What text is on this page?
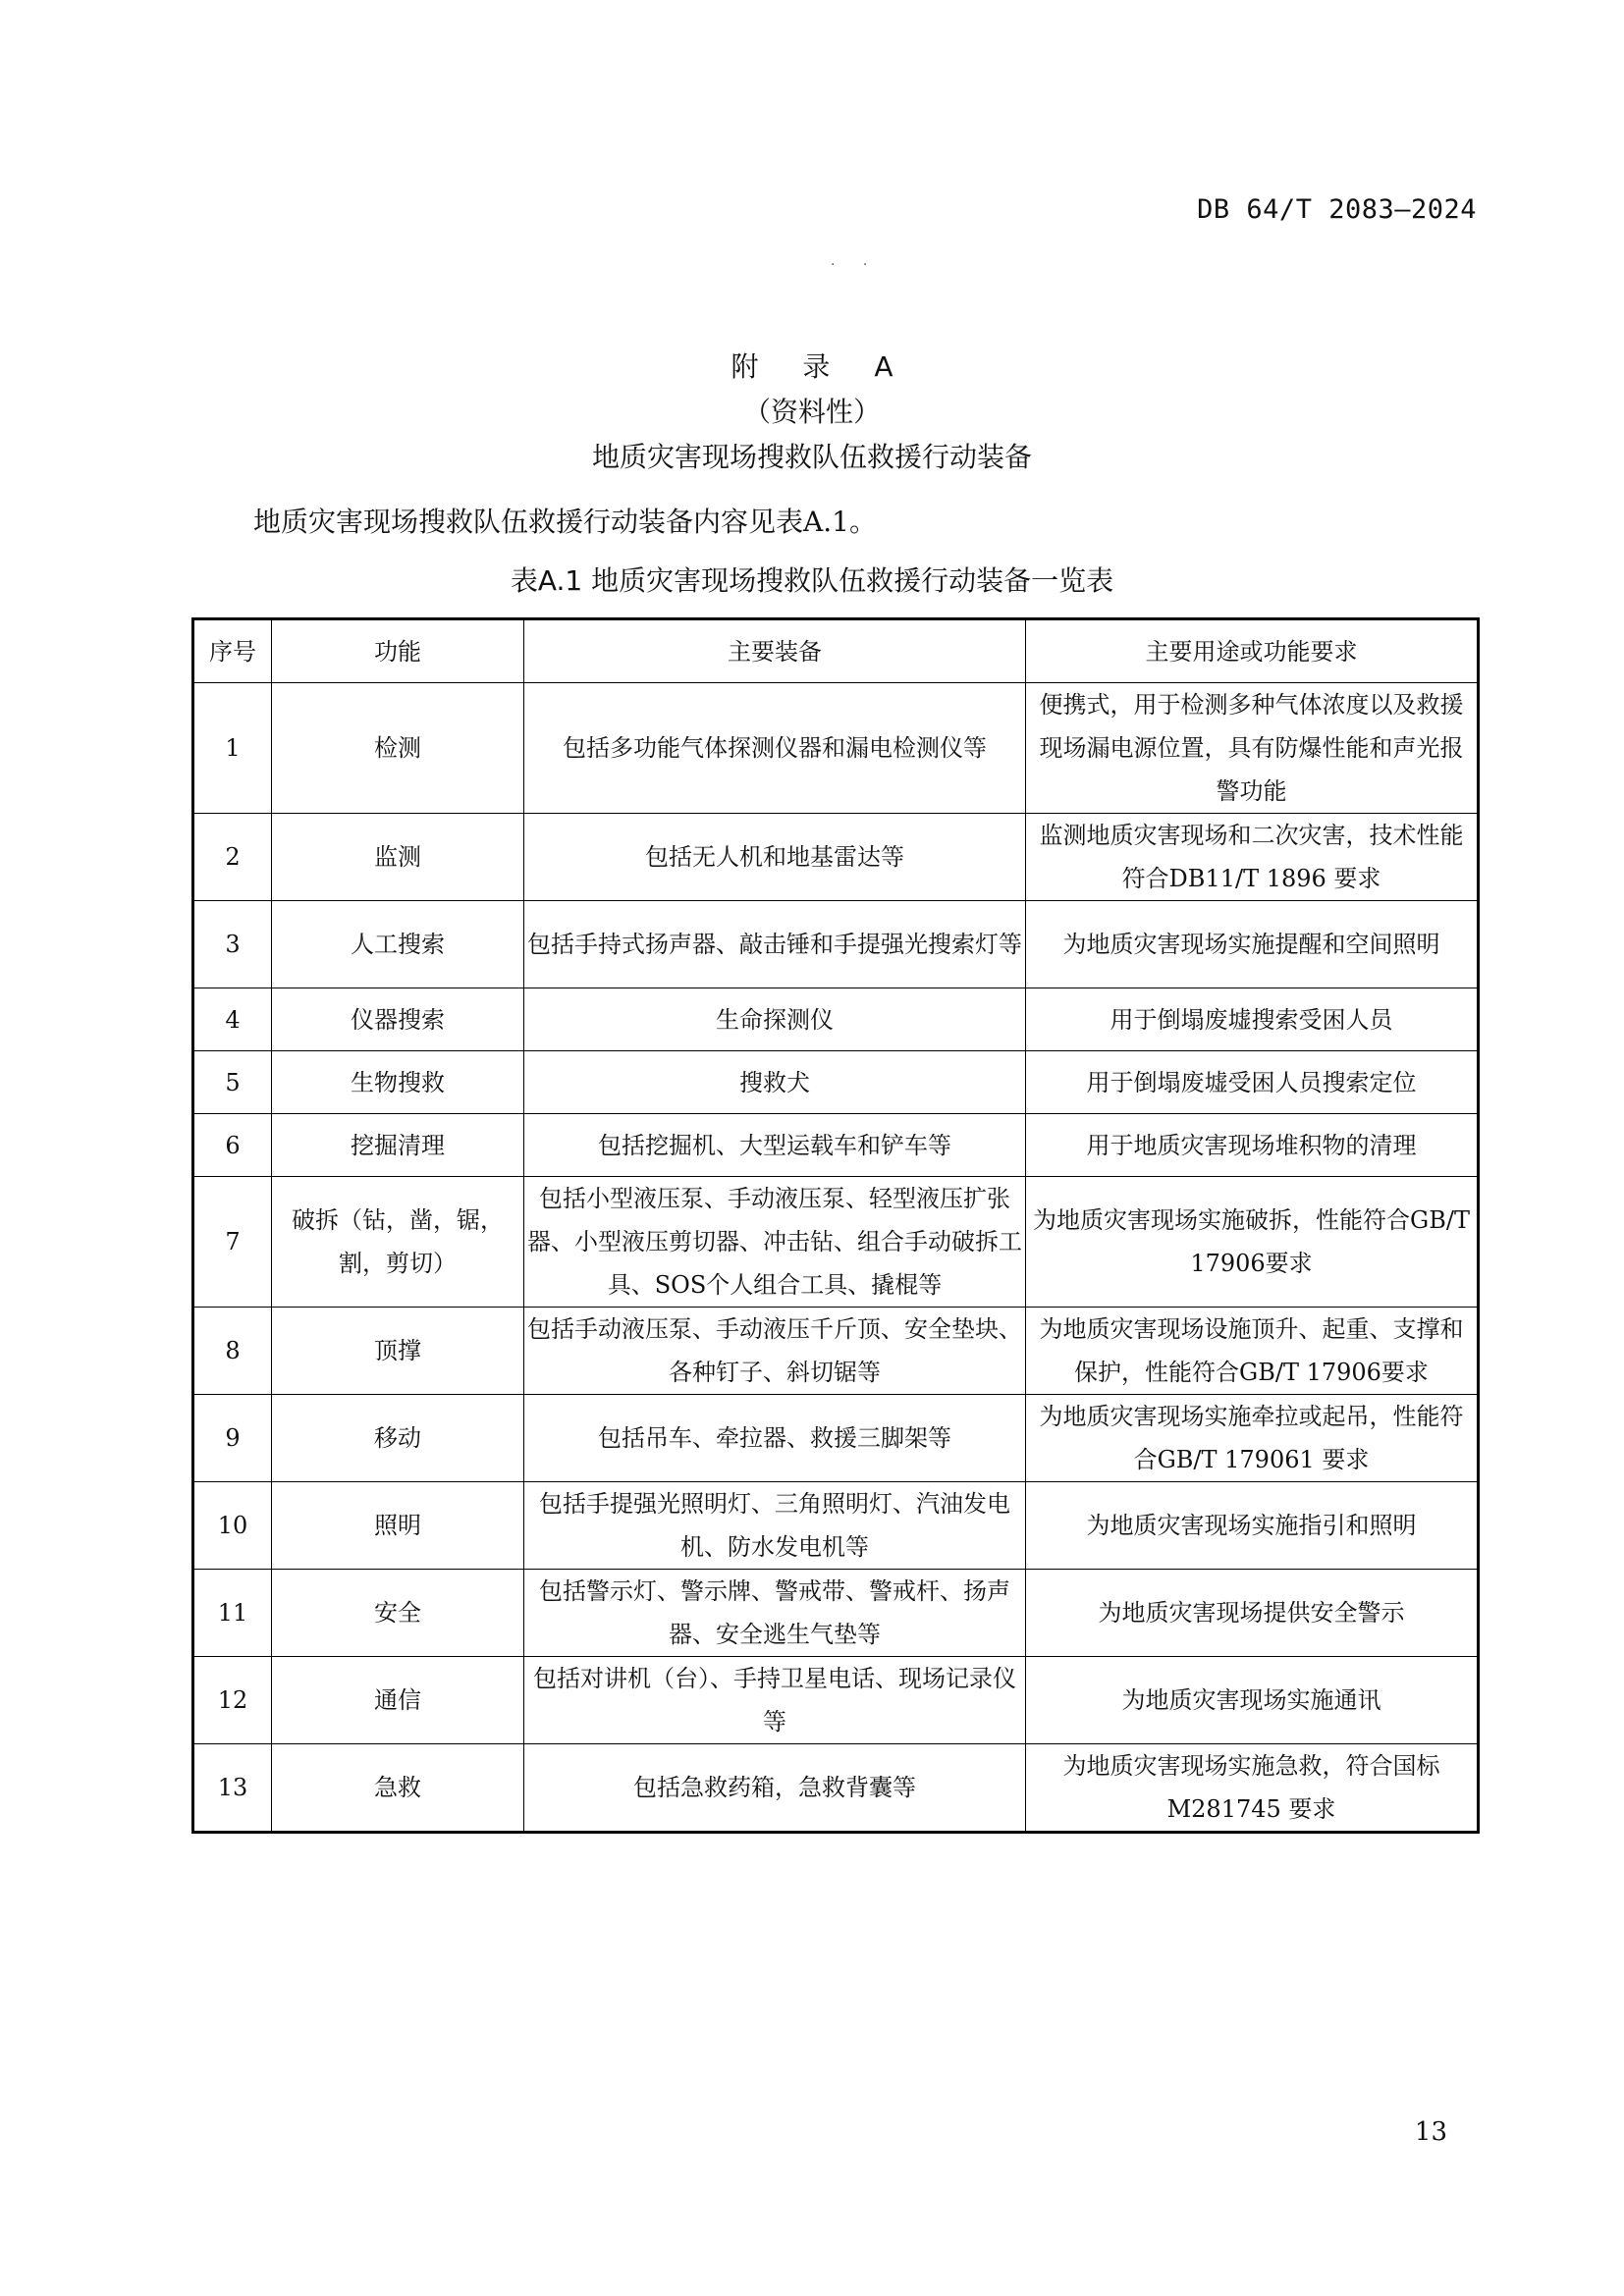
DB 64/T 2083—2024
. .
附 录 A
（资料性）
地质灾害现场搜救队伍救援行动装备
地质灾害现场搜救队伍救援行动装备内容见表A.1。
表A.1 地质灾害现场搜救队伍救援行动装备一览表
序号	功能	主要装备	主要用途或功能要求
1	检测	包括多功能气体探测仪器和漏电检测仪等	便携式，用于检测多种气体浓度以及救援现场漏电源位置，具有防爆性能和声光报警功能
2	监测	包括无人机和地基雷达等	监测地质灾害现场和二次灾害，技术性能符合DB11/T 1896 要求
3	人工搜索	包括手持式扬声器、敲击锤和手提强光搜索灯等	为地质灾害现场实施提醒和空间照明
4	仪器搜索	生命探测仪	用于倒塌废墟搜索受困人员
5	生物搜救	搜救犬	用于倒塌废墟受困人员搜索定位
6	挖掘清理	包括挖掘机、大型运载车和铲车等	用于地质灾害现场堆积物的清理
7	破拆（钻，凿，锯，割，剪切）	包括小型液压泵、手动液压泵、轻型液压扩张器、小型液压剪切器、冲击钻、组合手动破拆工具、SOS个人组合工具、撬棍等	为地质灾害现场实施破拆，性能符合GB/T 17906要求
8	顶撑	包括手动液压泵、手动液压千斤顶、安全垫块、各种钉子、斜切锯等	为地质灾害现场设施顶升、起重、支撑和保护，性能符合GB/T 17906要求
9	移动	包括吊车、牵拉器、救援三脚架等	为地质灾害现场实施牵拉或起吊，性能符合GB/T 179061 要求
10	照明	包括手提强光照明灯、三角照明灯、汽油发电机、防水发电机等	为地质灾害现场实施指引和照明
11	安全	包括警示灯、警示牌、警戒带、警戒杆、扬声器、安全逃生气垫等	为地质灾害现场提供安全警示
12	通信	包括对讲机（台）、手持卫星电话、现场记录仪等	为地质灾害现场实施通讯
13	急救	包括急救药箱，急救背囊等	为地质灾害现场实施急救，符合国标M281745 要求
13
